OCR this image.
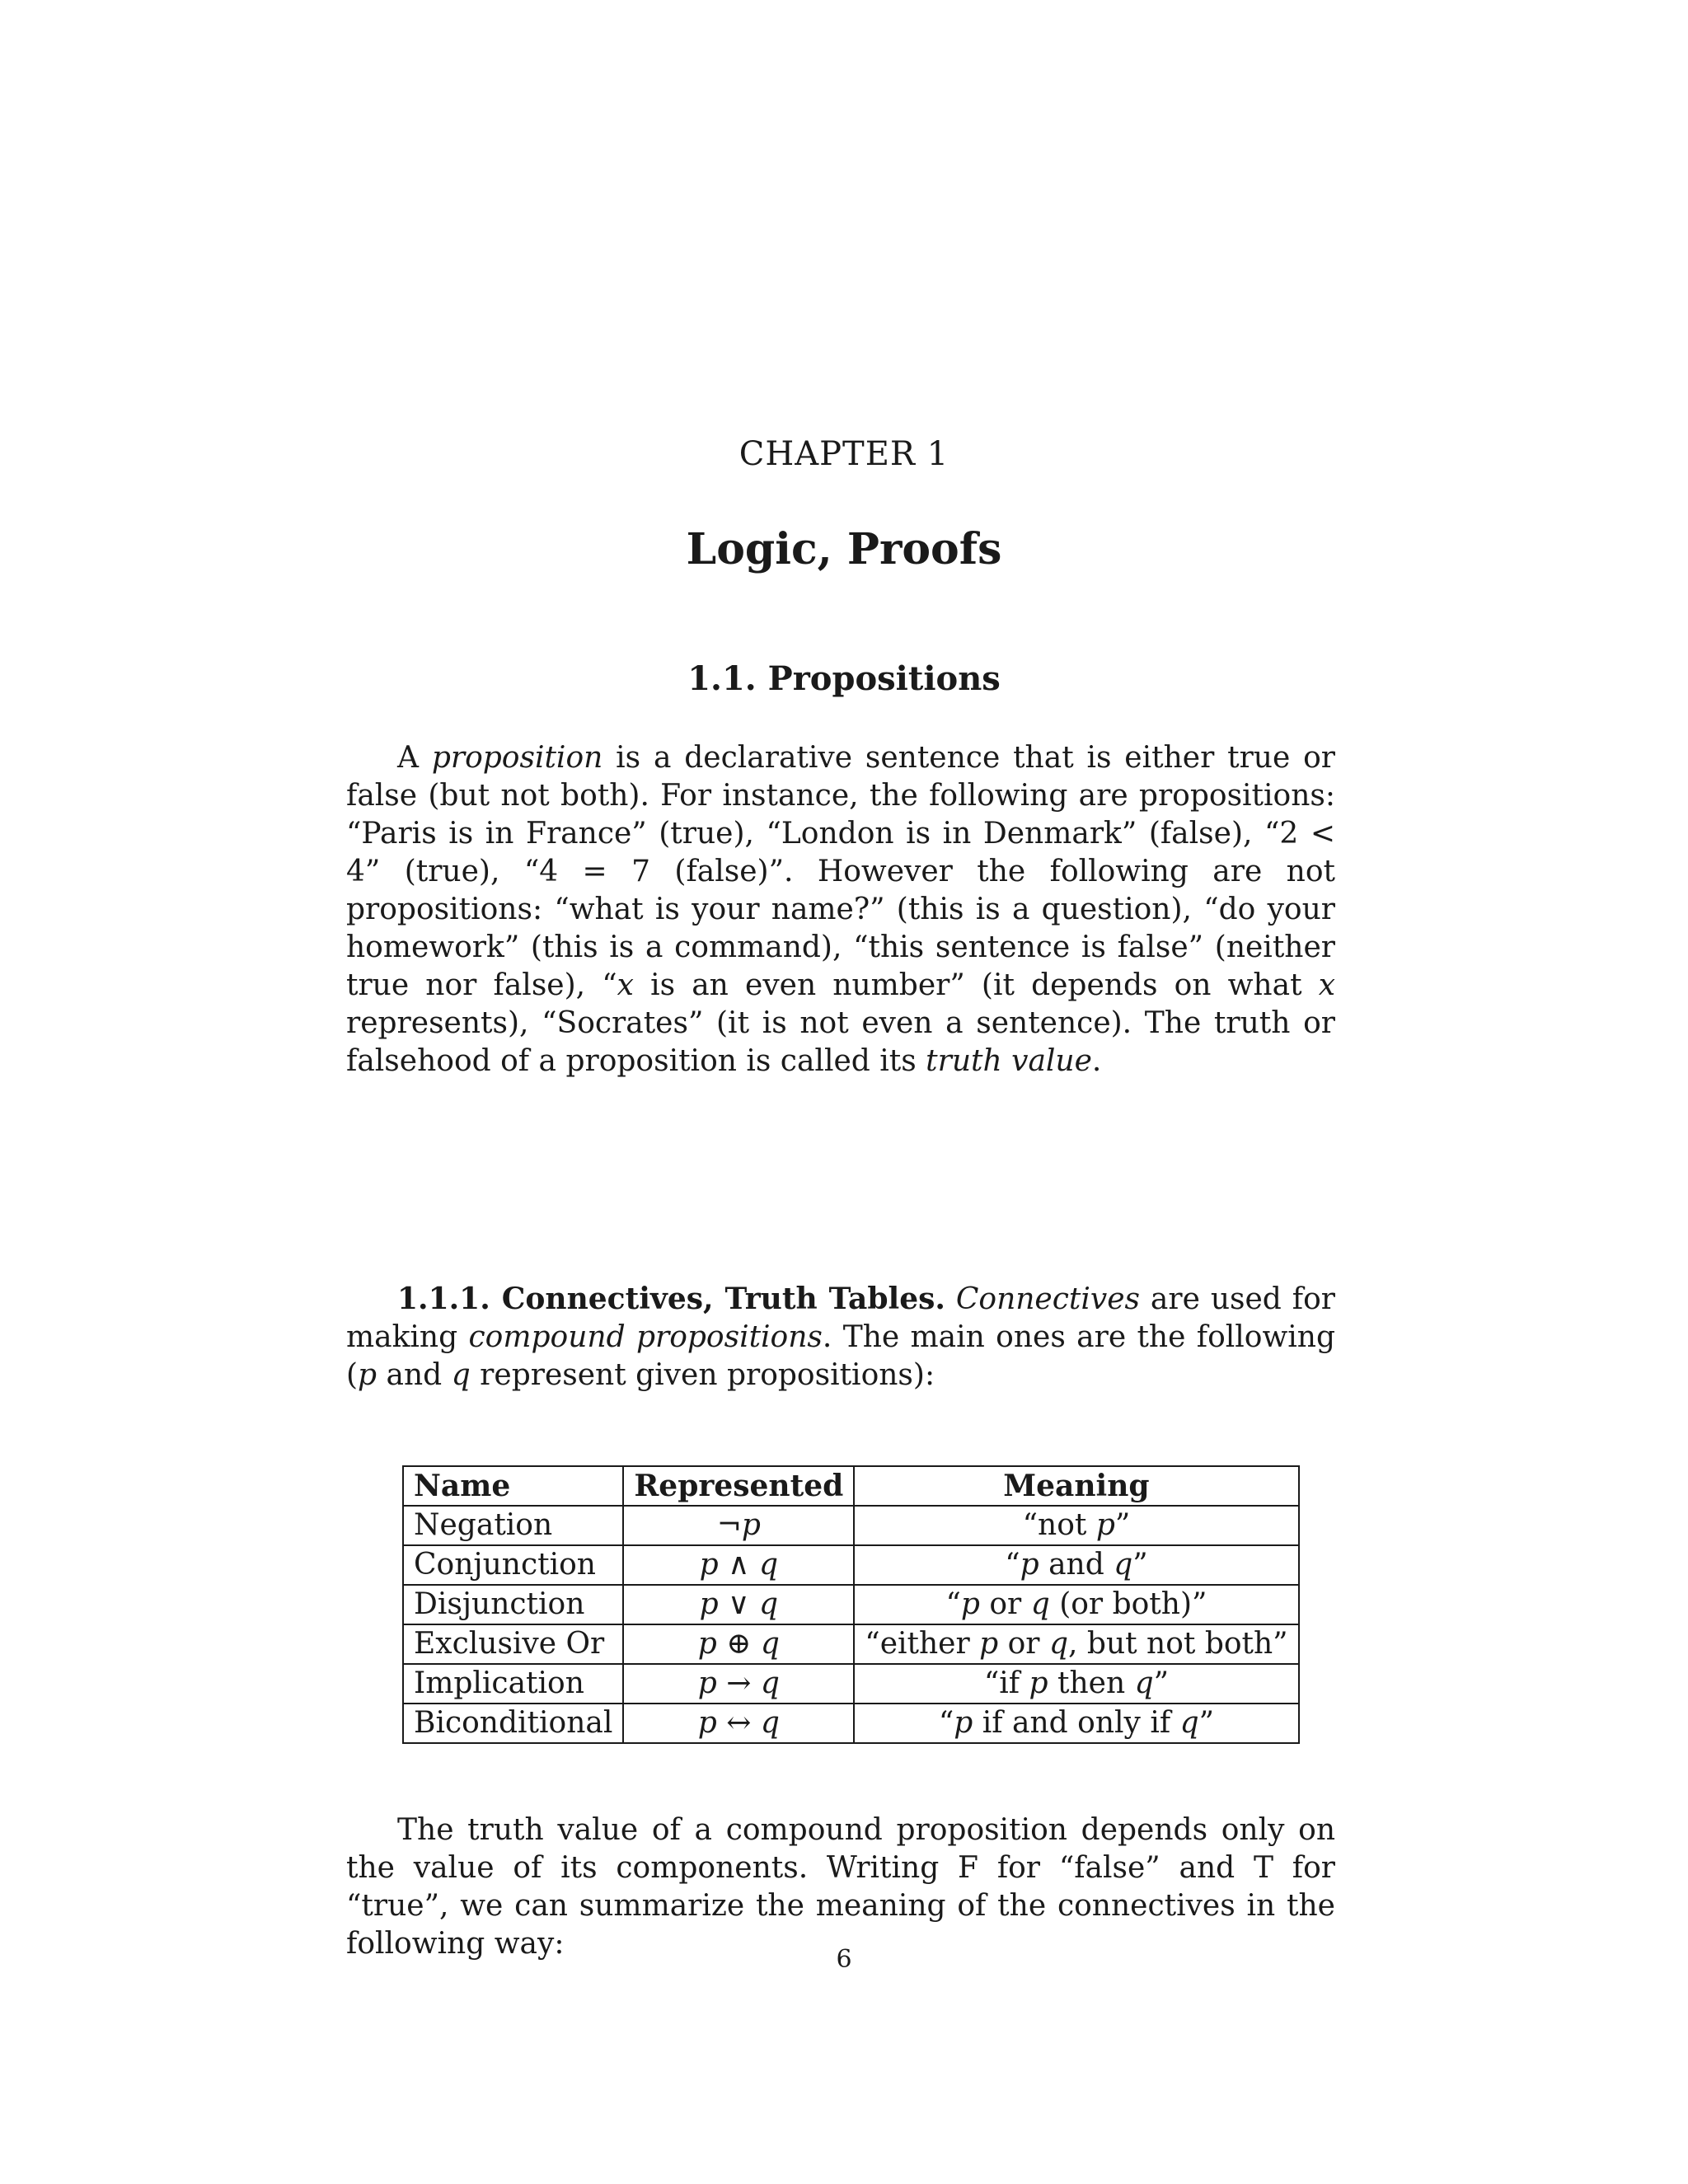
CHAPTER 1
Logic, Proofs
1.1. Propositions

A proposition is a declarative sentence that is either true or false (but not both). For instance, the following are propositions: “Paris is in France” (true), “London is in Denmark” (false), “2 < 4” (true), “4 = 7 (false)”. However the following are not propositions: “what is your name?” (this is a question), “do your homework” (this is a command), “this sentence is false” (neither true nor false), “x is an even number” (it depends on what x represents), “Socrates” (it is not even a sentence). The truth or falsehood of a proposition is called its truth value.

1.1.1. Connectives, Truth Tables. Connectives are used for making compound propositions. The main ones are the following (p and q represent given propositions):

Name	Represented	Meaning
Negation	¬p	“not p”
Conjunction	p ∧ q	“p and q”
Disjunction	p ∨ q	“p or q (or both)”
Exclusive Or	p ⊕ q	“either p or q, but not both”
Implication	p → q	“if p then q”
Biconditional	p ↔ q	“p if and only if q”

The truth value of a compound proposition depends only on the value of its components. Writing F for “false” and T for “true”, we can summarize the meaning of the connectives in the following way:	6
